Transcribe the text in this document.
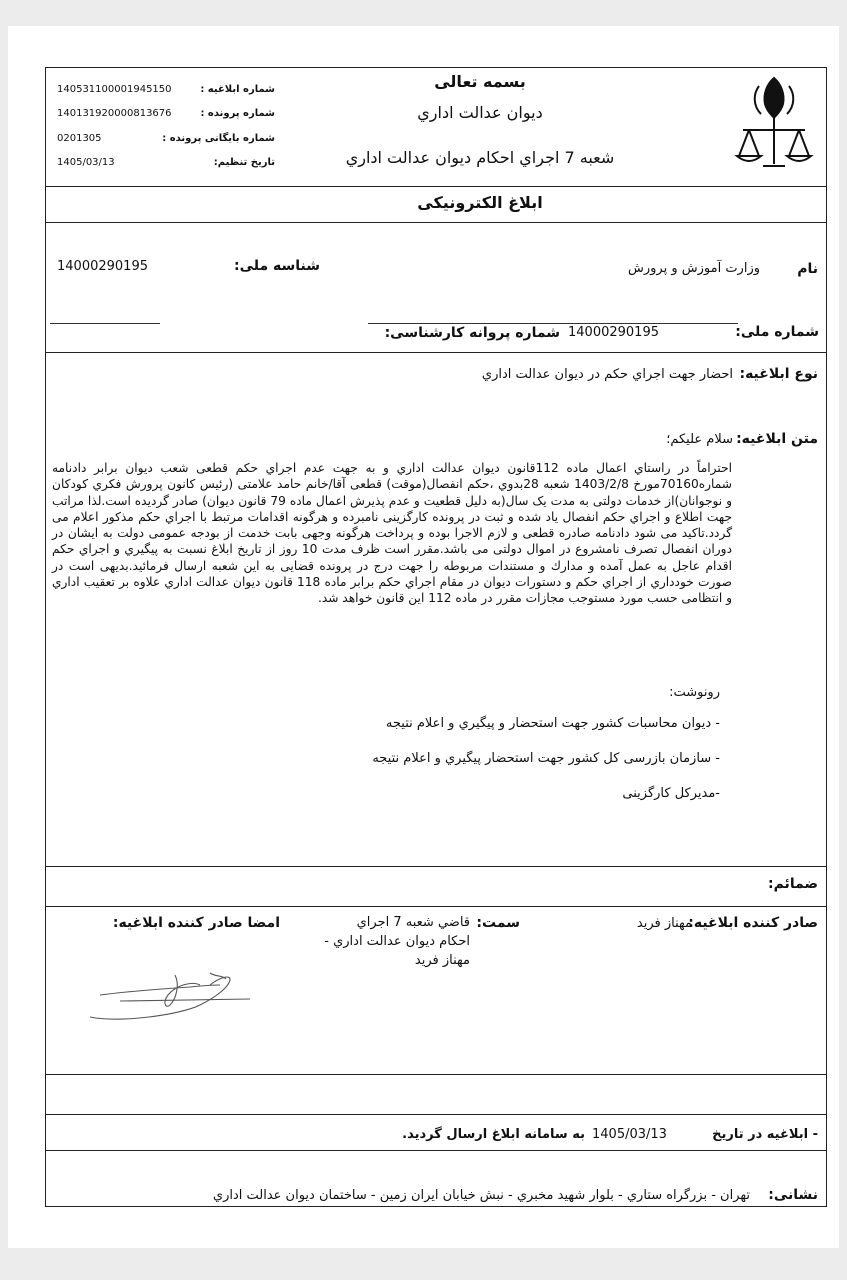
بسمه تعالی
دیوان عدالت اداري
شعبه 7 اجراي احکام دیوان عدالت اداري
ابلاغ الکترونیکی
140531100001945150	شماره ابلاغیه :
140131920000813676	شماره پرونده :
0201305	شماره بایگانی پرونده :
1405/03/13	تاریخ تنظیم:
نام
وزارت آموزش و پرورش
شناسه ملی:
14000290195
شماره ملی:
14000290195
شماره پروانه کارشناسی:
نوع ابلاغیه:
احضار جهت اجراي حکم در دیوان عدالت اداري
متن ابلاغیه:
سلام علیکم؛
احتراماً در راستاي اعمال ماده 112قانون دیوان عدالت اداري و به جهت عدم اجراي حکم قطعی شعب دیوان برابر دادنامه شماره70160مورخ 1403/2/8 شعبه 28بدوي ،حکم انفصال(موقت) قطعی آقا/خانم حامد علامتی (رئیس کانون پرورش فکري کودکان و نوجوانان)از خدمات دولتی به مدت یک سال(به دلیل قطعیت و عدم پذیرش اعمال ماده 79 قانون دیوان) صادر گردیده است.لذا مراتب جهت اطلاع و اجراي حکم انفصال یاد شده و ثبت در پرونده کارگزینی نامبرده و هرگونه اقدامات مرتبط با اجراي حکم مذکور اعلام می گردد.تاکید می شود دادنامه صادره قطعی و لازم الاجرا بوده و پرداخت هرگونه وجهی بابت خدمت از بودجه عمومی دولت به ایشان در دوران انفصال تصرف نامشروع در اموال دولتی می باشد.مقرر است ظرف مدت 10 روز از تاریخ ابلاغ نسبت به پیگیري و اجراي حکم اقدام عاجل به عمل آمده و مدارك و مستندات مربوطه را جهت درج در پرونده قضایی به این شعبه ارسال فرمائید.بدیهی است در صورت خودداري از اجراي حکم و دستورات دیوان در مقام اجراي حکم برابر ماده 118 قانون دیوان عدالت اداري علاوه بر تعقیب اداري و انتظامی حسب مورد مستوجب مجازات مقرر در ماده 112 این قانون خواهد شد.
رونوشت:
- دیوان محاسبات کشور جهت استحضار و پیگیري و اعلام نتیجه
- سازمان بازرسی کل کشور جهت استحضار پیگیري و اعلام نتیجه
-مدیرکل کارگزینی
ضمائم:
صادر کننده ابلاغیه:
مهناز فرید
سمت:
قاضي شعبه 7 اجراي
احکام دیوان عدالت اداري -
مهناز فرید
امضا صادر کننده ابلاغیه:
- ابلاغیه در تاریخ
1405/03/13
به سامانه ابلاغ ارسال گردید.
نشانی:
تهران - بزرگراه ستاري - بلوار شهید مخبري - نبش خیابان ایران زمین - ساختمان دیوان عدالت اداري
